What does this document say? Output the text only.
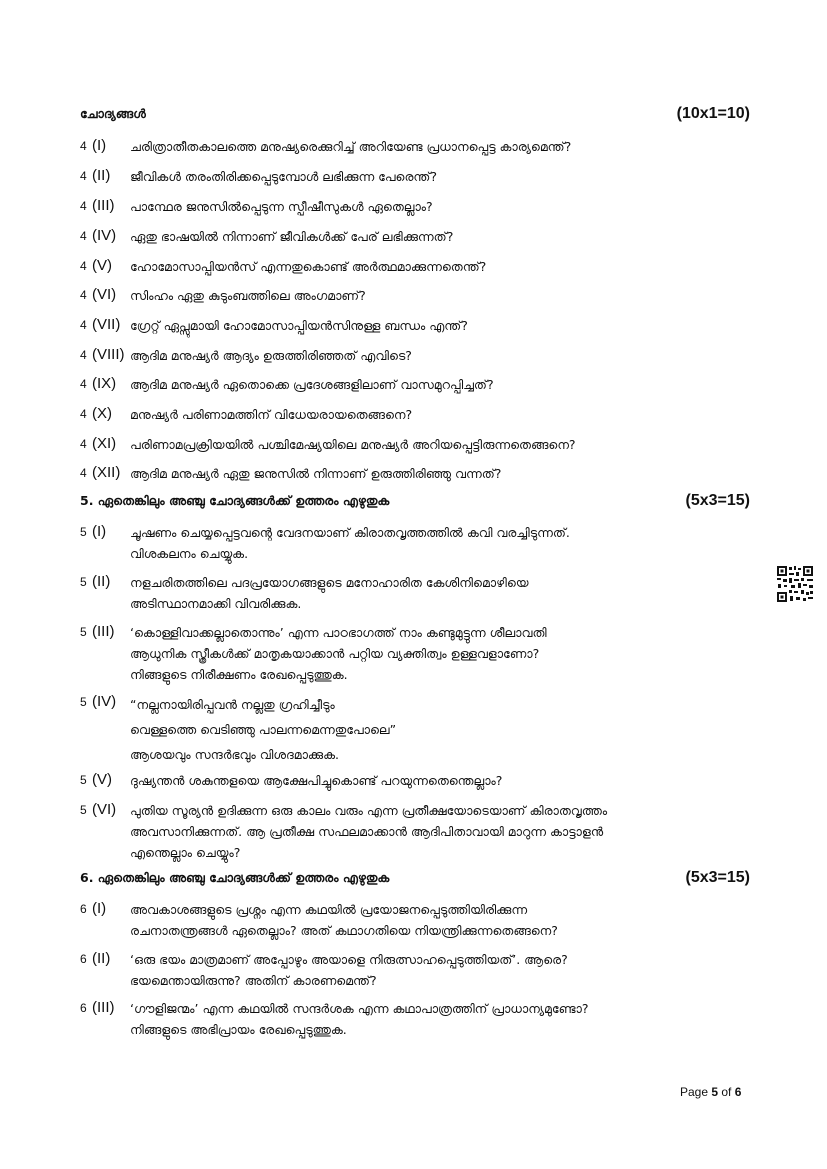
ചോദ്യങ്ങൾ	(10x1=10)
4 (I) ചരിത്രാതീതകാലത്തെ മനുഷ്യരെക്കുറിച്ച് അറിയേണ്ട പ്രധാനപ്പെട്ട കാര്യമെന്ത്?
4 (II) ജീവികൾ തരംതിരിക്കപ്പെടുമ്പോൾ ലഭിക്കുന്ന പേരെന്ത്?
4 (III) പാന്ഥേര ജനുസിൽപ്പെടുന്ന സ്പീഷീസുകൾ ഏതെല്ലാം?
4 (IV) ഏതു ഭാഷയിൽ നിന്നാണ് ജീവികൾക്ക് പേര് ലഭിക്കുന്നത്?
4 (V) ഹോമോസാപ്പിയൻസ് എന്നതുകൊണ്ട് അർത്ഥമാക്കുന്നതെന്ത്?
4 (VI) സിംഹം ഏതു കുടുംബത്തിലെ അംഗമാണ്?
4 (VII) ഗ്രേറ്റ് ഏപ്സുമായി ഹോമോസാപ്പിയൻസിനുള്ള ബന്ധം എന്ത്?
4 (VIII) ആദിമ മനുഷ്യർ ആദ്യം ഉരുത്തിരിഞ്ഞത് എവിടെ?
4 (IX) ആദിമ മനുഷ്യർ ഏതൊക്കെ പ്രദേശങ്ങളിലാണ് വാസമുറപ്പിച്ചത്?
4 (X) മനുഷ്യർ പരിണാമത്തിന് വിധേയരായതെങ്ങനെ?
4 (XI) പരിണാമപ്രക്രിയയിൽ പശ്ചിമേഷ്യയിലെ മനുഷ്യർ അറിയപ്പെട്ടിരുന്നതെങ്ങനെ?
4 (XII) ആദിമ മനുഷ്യർ ഏതു ജനുസിൽ നിന്നാണ് ഉരുത്തിരിഞ്ഞു വന്നത്?
5. ഏതെങ്കിലും അഞ്ചു ചോദ്യങ്ങൾക്ക് ഉത്തരം എഴുതുക	(5x3=15)
5 (I) ചൂഷണം ചെയ്യപ്പെട്ടവന്റെ വേദനയാണ് കിരാതവൃത്തത്തിൽ കവി വരച്ചിടുന്നത്.
വിശകലനം ചെയ്യുക.
5 (II) നളചരിതത്തിലെ പദപ്രയോഗങ്ങളുടെ മനോഹാരിത കേശിനിമൊഴിയെ
അടിസ്ഥാനമാക്കി വിവരിക്കുക.
5 (III) ‘കൊള്ളിവാക്കല്ലാതൊന്നും’ എന്ന പാഠഭാഗത്ത് നാം കണ്ടുമുട്ടുന്ന ശീലാവതി
ആധുനിക സ്ത്രീകൾക്ക് മാതൃകയാക്കാൻ പറ്റിയ വ്യക്തിത്വം ഉള്ളവളാണോ?
നിങ്ങളുടെ നിരീക്ഷണം രേഖപ്പെടുത്തുക.
5 (IV) “നല്ലനായിരിപ്പവൻ നല്ലതു ഗ്രഹിച്ചീടും
വെള്ളത്തെ വെടിഞ്ഞു പാലന്നമെന്നതുപോലെ”
ആശയവും സന്ദർഭവും വിശദമാക്കുക.
5 (V) ദുഷ്യന്തൻ ശകുന്തളയെ ആക്ഷേപിച്ചുകൊണ്ട് പറയുന്നതെന്തെല്ലാം?
5 (VI) പുതിയ സൂര്യൻ ഉദിക്കുന്ന ഒരു കാലം വരും എന്ന പ്രതീക്ഷയോടെയാണ് കിരാതവൃത്തം
അവസാനിക്കുന്നത്. ആ പ്രതീക്ഷ സഫലമാക്കാൻ ആദിപിതാവായി മാറുന്ന കാട്ടാളൻ
എന്തെല്ലാം ചെയ്യും?
6. ഏതെങ്കിലും അഞ്ചു ചോദ്യങ്ങൾക്ക് ഉത്തരം എഴുതുക	(5x3=15)
6 (I) അവകാശങ്ങളുടെ പ്രശ്നം എന്ന കഥയിൽ പ്രയോജനപ്പെടുത്തിയിരിക്കുന്ന
രചനാതന്ത്രങ്ങൾ ഏതെല്ലാം? അത് കഥാഗതിയെ നിയന്ത്രിക്കുന്നതെങ്ങനെ?
6 (II) ‘ഒരു ഭയം മാത്രമാണ് അപ്പോഴും അയാളെ നിരുത്സാഹപ്പെടുത്തിയത്’. ആരെ?
ഭയമെന്തായിരുന്നു? അതിന് കാരണമെന്ത്?
6 (III) ‘ഗൗളിജന്മം’ എന്ന കഥയിൽ സന്ദർശക എന്ന കഥാപാത്രത്തിന് പ്രാധാന്യമുണ്ടോ?
നിങ്ങളുടെ അഭിപ്രായം രേഖപ്പെടുത്തുക.
Page 5 of 6
